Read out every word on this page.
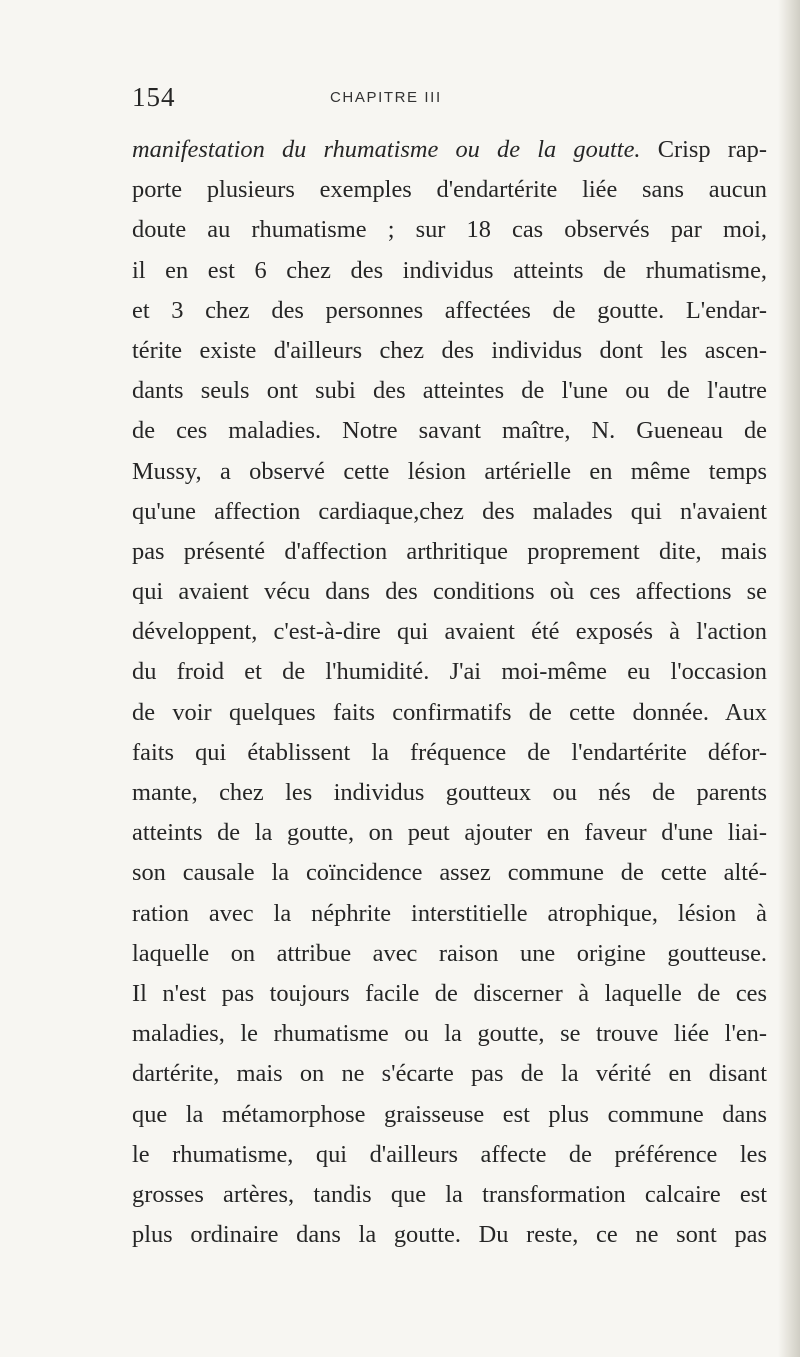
154	CHAPITRE III
manifestation du rhumatisme ou de la goutte. Crisp rap-
porte plusieurs exemples d'endartérite liée sans aucun
doute au rhumatisme ; sur 18 cas observés par moi,
il en est 6 chez des individus atteints de rhumatisme,
et 3 chez des personnes affectées de goutte. L'endar-
térite existe d'ailleurs chez des individus dont les ascen-
dants seuls ont subi des atteintes de l'une ou de l'autre
de ces maladies. Notre savant maître, N. Gueneau de
Mussy, a observé cette lésion artérielle en même temps
qu'une affection cardiaque,chez des malades qui n'avaient
pas présenté d'affection arthritique proprement dite, mais
qui avaient vécu dans des conditions où ces affections se
développent, c'est-à-dire qui avaient été exposés à l'action
du froid et de l'humidité. J'ai moi-même eu l'occasion
de voir quelques faits confirmatifs de cette donnée. Aux
faits qui établissent la fréquence de l'endartérite défor-
mante, chez les individus goutteux ou nés de parents
atteints de la goutte, on peut ajouter en faveur d'une liai-
son causale la coïncidence assez commune de cette alté-
ration avec la néphrite interstitielle atrophique, lésion à
laquelle on attribue avec raison une origine goutteuse.
Il n'est pas toujours facile de discerner à laquelle de ces
maladies, le rhumatisme ou la goutte, se trouve liée l'en-
dartérite, mais on ne s'écarte pas de la vérité en disant
que la métamorphose graisseuse est plus commune dans
le rhumatisme, qui d'ailleurs affecte de préférence les
grosses artères, tandis que la transformation calcaire est
plus ordinaire dans la goutte. Du reste, ce ne sont pas
